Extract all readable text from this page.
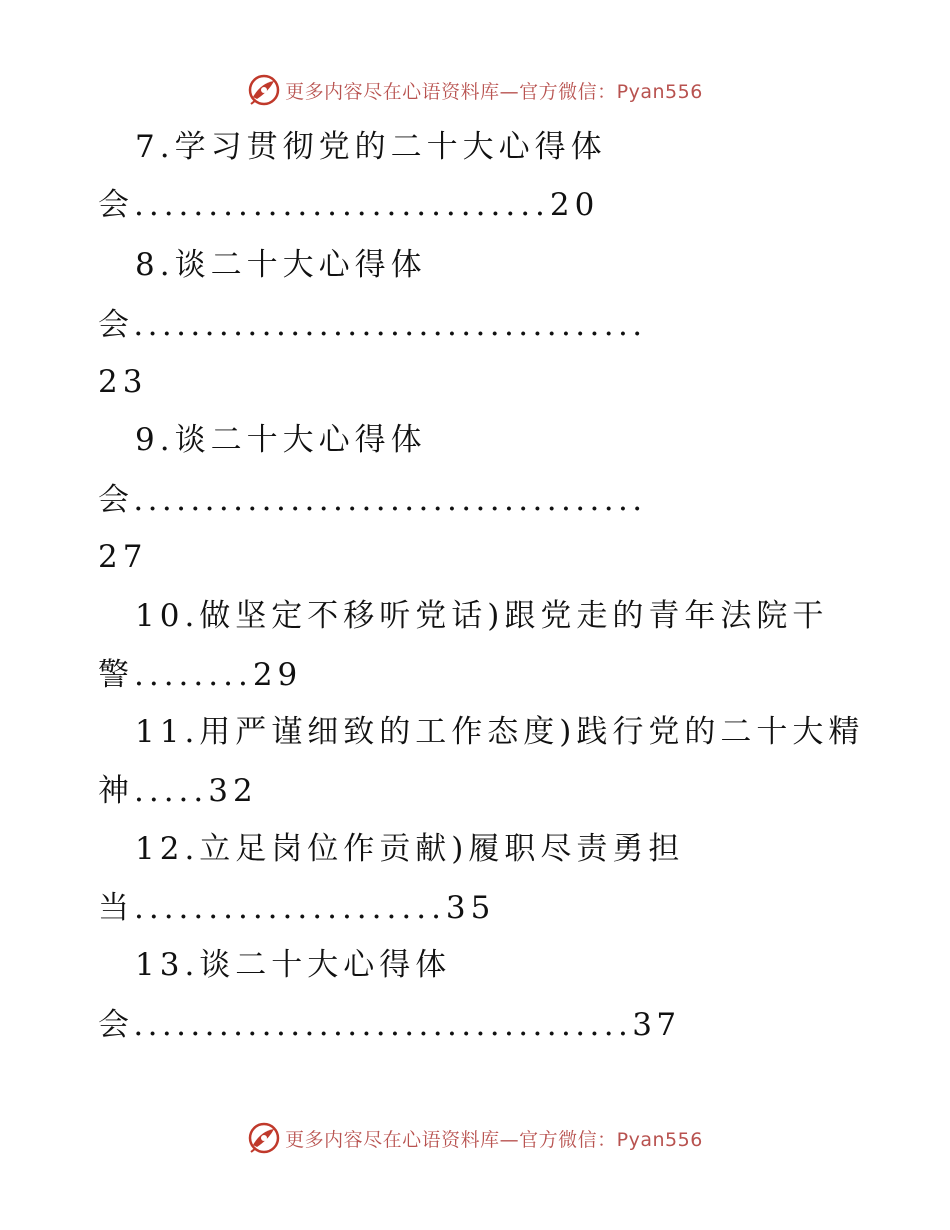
更多内容尽在心语资料库—官方微信：Pyan556
7.学习贯彻党的二十大心得体
会............................20
8.谈二十大心得体
会....................................
23
9.谈二十大心得体
会....................................
27
10.做坚定不移听党话)跟党走的青年法院干
警........29
11.用严谨细致的工作态度)践行党的二十大精
神.....32
12.立足岗位作贡献)履职尽责勇担
当.....................35
13.谈二十大心得体
会...................................37
更多内容尽在心语资料库—官方微信：Pyan556
